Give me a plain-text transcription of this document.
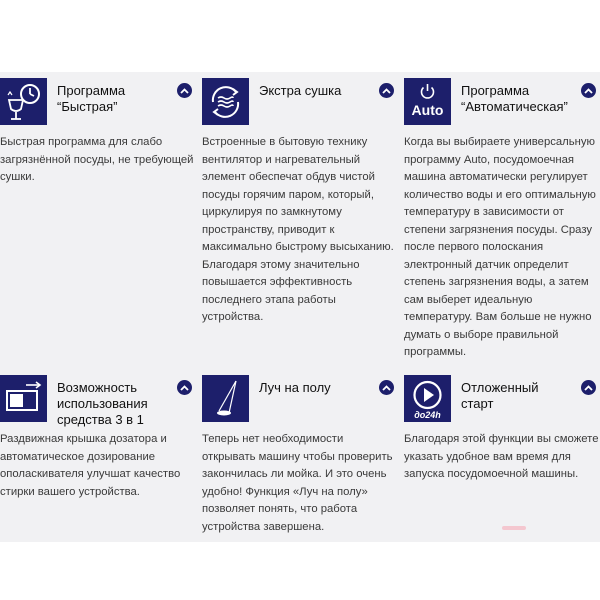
Программа
“Быстрая”
Быстрая программа для слабо загрязнённой посуды, не требующей сушки.
Экстра сушка
Встроенные в бытовую технику вентилятор и нагревательный элемент обеспечат обдув чистой посуды горячим паром, который, циркулируя по замкнутому пространству, приводит к максимально быстрому высыханию. Благодаря этому значительно повышается эффективность последнего этапа работы устройства.
Auto
Программа
“Автоматическая”
Когда вы выбираете универсальную программу Auto, посудомоечная машина автоматически регулирует количество воды и его оптимальную температуру в зависимости от степени загрязнения посуды. Сразу после первого полоскания электронный датчик определит степень загрязнения воды, а затем сам выберет идеальную температуру. Вам больше не нужно думать о выборе правильной программы.
Возможность использования средства 3 в 1
Раздвижная крышка дозатора и автоматическое дозирование ополаскивателя улучшат качество стирки вашего устройства.
Луч на полу
Теперь нет необходимости открывать машину чтобы проверить закончилась ли мойка. И это очень удобно! Функция «Луч на полу» позволяет понять, что работа устройства завершена.
до24h
Отложенный
старт
Благодаря этой функции вы сможете указать удобное вам время для запуска посудомоечной машины.
